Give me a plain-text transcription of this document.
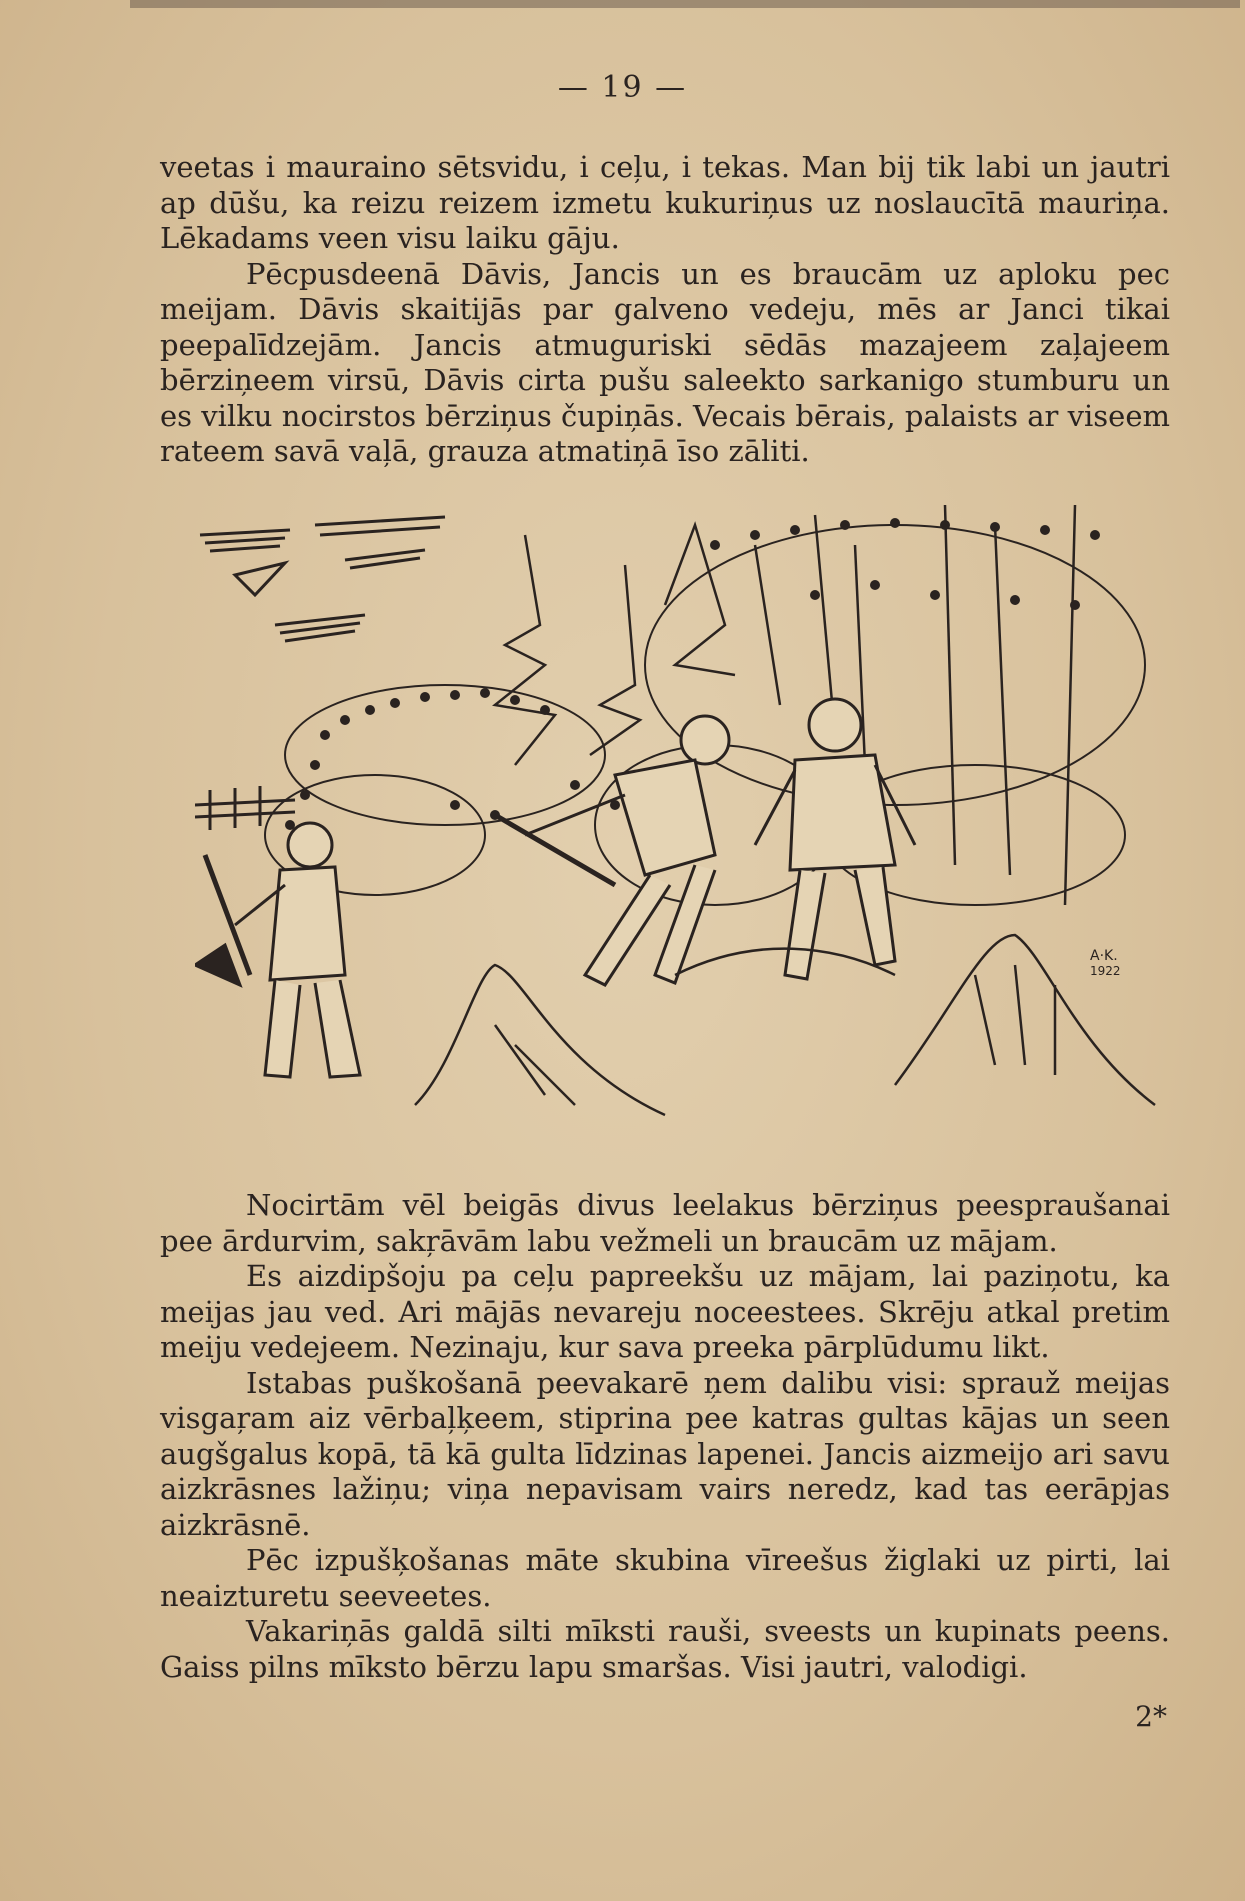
— 19 —

veetas i mauraino sētsvidu, i ceļu, i tekas. Man bij tik labi un jautri ap dūšu, ka reizu reizem izmetu kukuriņus uz noslaucītā mauriņa. Lēkadams veen visu laiku gāju.

Pēcpusdeenā Dāvis, Jancis un es braucām uz aploku pec meijam. Dāvis skaitijās par galveno vedeju, mēs ar Janci tikai peepalīdzejām. Jancis atmuguriski sēdās mazajeem zaļajeem bērziņeem virsū, Dāvis cirta pušu saleekto sarkanigo stumburu un es vilku nocirstos bērziņus čupiņās. Vecais bērais, palaists ar viseem rateem savā vaļā, grauza atmatiņā īso zāliti.

A·K.
1922

Nocirtām vēl beigās divus leelakus bērziņus peespraušanai pee ārdurvim, sakŗāvām labu vežmeli un braucām uz mājam.

Es aizdipšoju pa ceļu papreekšu uz mājam, lai paziņotu, ka meijas jau ved. Ari mājās nevareju noceestees. Skrēju atkal pretim meiju vedejeem. Nezinaju, kur sava preeka pārplūdumu likt.

Istabas puškošanā peevakarē ņem dalibu visi: sprauž meijas visgaŗam aiz vērbaļķeem, stiprina pee katras gultas kājas un seen augšgalus kopā, tā kā gulta līdzinas lapenei. Jancis aizmeijo ari savu aizkrāsnes lažiņu; viņa nepavisam vairs neredz, kad tas eerāpjas aizkrāsnē.

Pēc izpušķošanas māte skubina vīreešus žiglaki uz pirti, lai neaizturetu seeveetes.

Vakariņās galdā silti mīksti rauši, sveests un kupinats peens. Gaiss pilns mīksto bērzu lapu smaršas. Visi jautri, valodigi.

2*
